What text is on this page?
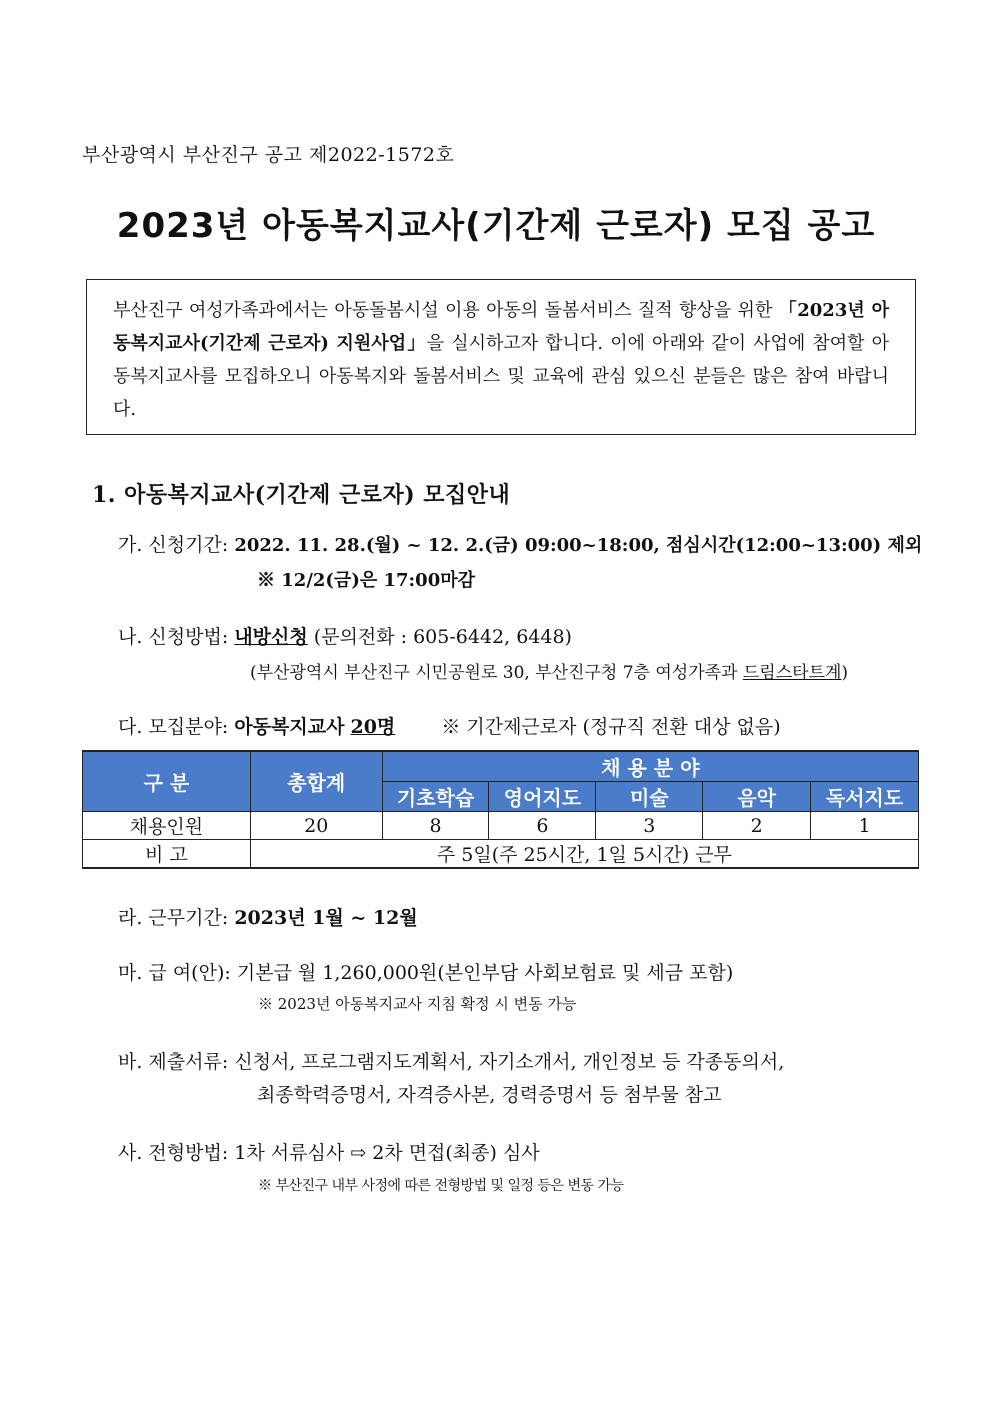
부산광역시 부산진구 공고 제2022-1572호
2023년 아동복지교사(기간제 근로자) 모집 공고
부산진구 여성가족과에서는 아동돌봄시설 이용 아동의 돌봄서비스 질적 향상을 위한 「2023년 아동복지교사(기간제 근로자) 지원사업」을 실시하고자 합니다. 이에 아래와 같이 사업에 참여할 아동복지교사를 모집하오니 아동복지와 돌봄서비스 및 교육에 관심 있으신 분들은 많은 참여 바랍니다.
1. 아동복지교사(기간제 근로자) 모집안내
가. 신청기간: 2022. 11. 28.(월) ~ 12. 2.(금) 09:00~18:00, 점심시간(12:00~13:00) 제외
※ 12/2(금)은 17:00마감
나. 신청방법: 내방신청 (문의전화 : 605-6442, 6448)
(부산광역시 부산진구 시민공원로 30, 부산진구청 7층 여성가족과 드림스타트계)
다. 모집분야: 아동복지교사 20명 ※ 기간제근로자 (정규직 전환 대상 없음)
구 분	총합계	채 용 분 야				
		기초학습	영어지도	미술	음악	독서지도
채용인원	20	8	6	3	2	1
비 고	주 5일(주 25시간, 1일 5시간) 근무					
라. 근무기간: 2023년 1월 ~ 12월
마. 급 여(안): 기본급 월 1,260,000원(본인부담 사회보험료 및 세금 포함)
※ 2023년 아동복지교사 지침 확정 시 변동 가능
바. 제출서류: 신청서, 프로그램지도계획서, 자기소개서, 개인정보 등 각종동의서,
최종학력증명서, 자격증사본, 경력증명서 등 첨부물 참고
사. 전형방법: 1차 서류심사 ⇨ 2차 면접(최종) 심사
※ 부산진구 내부 사정에 따른 전형방법 및 일정 등은 변동 가능
